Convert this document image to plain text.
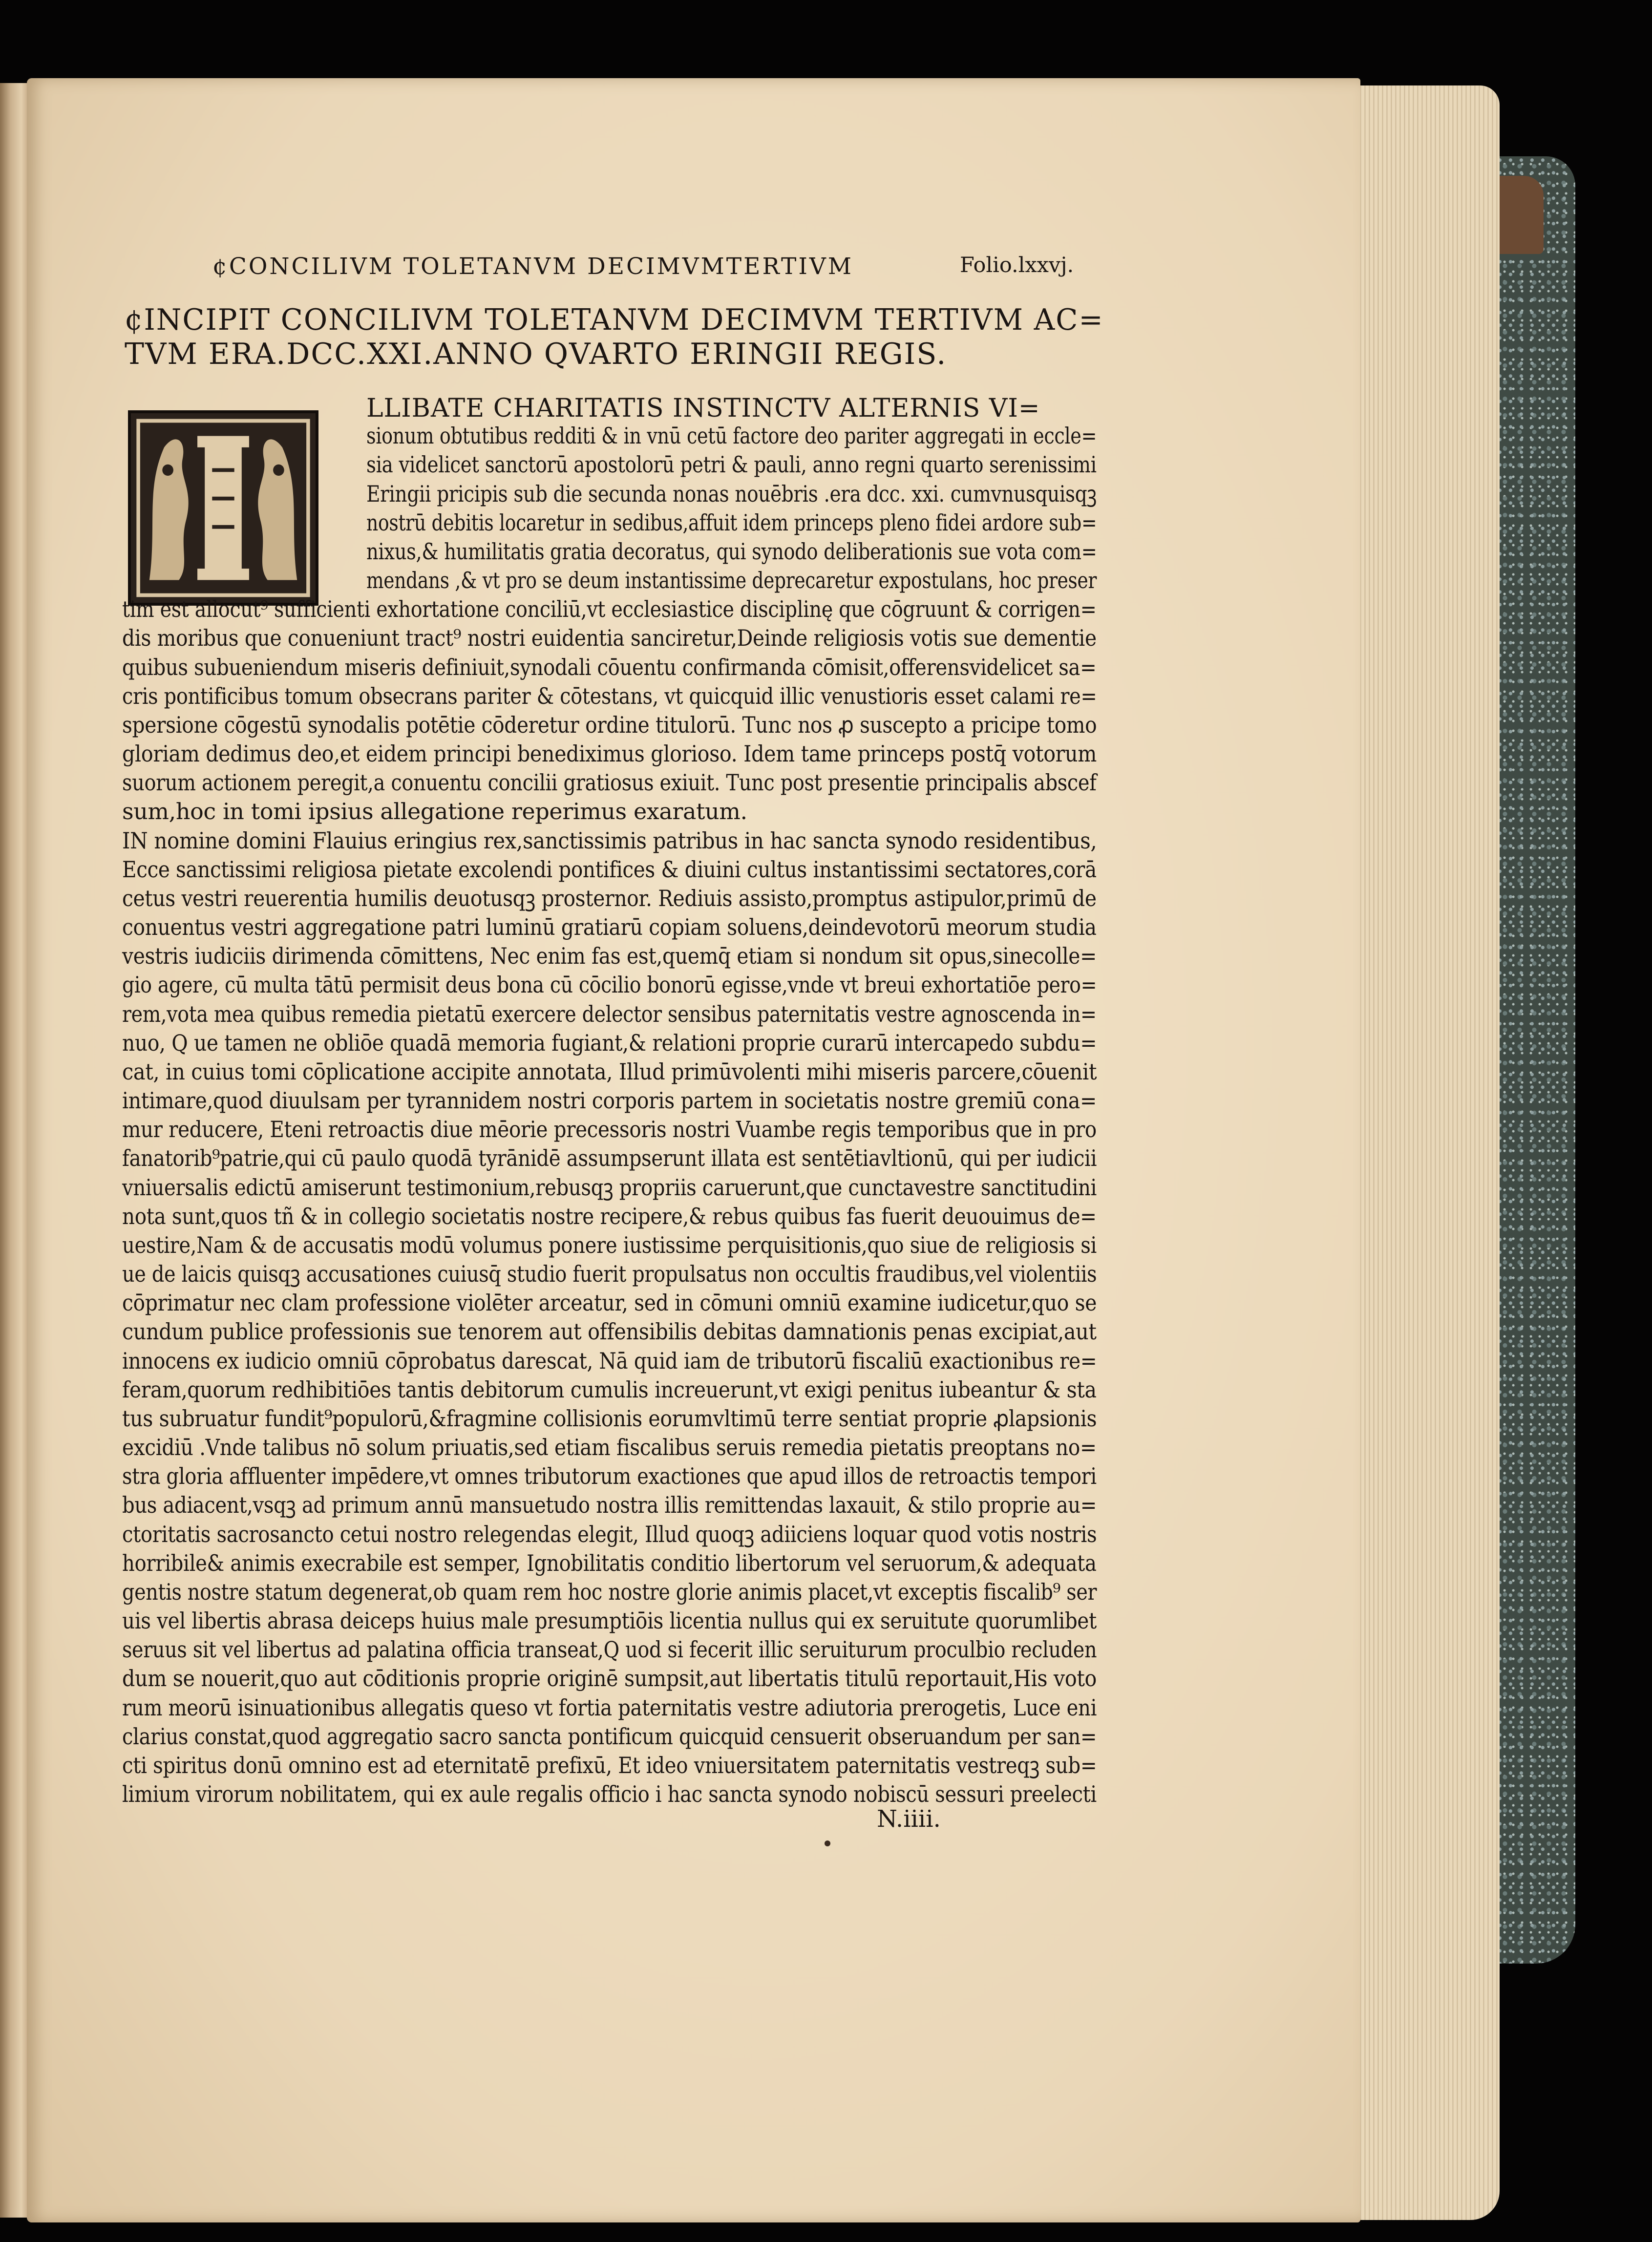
¢CONCILIVM TOLETANVM DECIMVMTERTIVM	Folio.lxxvj.
¢INCIPIT CONCILIVM TOLETANVM DECIMVM TERTIVM AC=
TVM ERA.DCC.XXI.ANNO QVARTO ERINGII REGIS.
LLIBATE CHARITATIS INSTINCTV ALTERNIS VI=
sionum obtutibus redditi & in vnū cetū factore deo pariter aggregati in eccle=
sia videlicet sanctorū apostolorū petri & pauli, anno regni quarto serenissimi
Eringii pricipis sub die secunda nonas nouēbris .era dcc. xxi. cumvnusquisqꝫ
nostrū debitis locaretur in sedibus,affuit idem princeps pleno fidei ardore sub=
nixus,& humilitatis gratia decoratus, qui synodo deliberationis sue vota com=
mendans ,& vt pro se deum instantissime deprecaretur expostulans, hoc preser
tim est allocut⁹ sufficienti exhortatione conciliū,vt ecclesiastice disciplinę que cōgruunt & corrigen=
dis moribus que conueniunt tract⁹ nostri euidentia sanciretur,Deinde religiosis votis sue dementie
quibus subueniendum miseris definiuit,synodali cōuentu confirmanda cōmisit,offerensvidelicet sa=
cris pontificibus tomum obsecrans pariter & cōtestans, vt quicquid illic venustioris esset calami re=
spersione cōgestū synodalis potētie cōderetur ordine titulorū. Tunc nos ꝓ suscepto a pricipe tomo
gloriam dedimus deo,et eidem principi benediximus glorioso. Idem tame princeps postq̄ votorum
suorum actionem peregit,a conuentu concilii gratiosus exiuit. Tunc post presentie principalis abscef
sum,hoc in tomi ipsius allegatione reperimus exaratum.
IN nomine domini Flauius eringius rex,sanctissimis patribus in hac sancta synodo residentibus,
Ecce sanctissimi religiosa pietate excolendi pontifices & diuini cultus instantissimi sectatores,corā
cetus vestri reuerentia humilis deuotusqꝫ prosternor. Rediuis assisto,promptus astipulor,primū de
conuentus vestri aggregatione patri luminū gratiarū copiam soluens,deindevotorū meorum studia
vestris iudiciis dirimenda cōmittens, Nec enim fas est,quemq̄ etiam si nondum sit opus,sinecolle=
gio agere, cū multa tātū permisit deus bona cū cōcilio bonorū egisse,vnde vt breui exhortatiōe pero=
rem,vota mea quibus remedia pietatū exercere delector sensibus paternitatis vestre agnoscenda in=
nuo, Q ue tamen ne obliōe quadā memoria fugiant,& relationi proprie curarū intercapedo subdu=
cat, in cuius tomi cōplicatione accipite annotata, Illud primūvolenti mihi miseris parcere,cōuenit
intimare,quod diuulsam per tyrannidem nostri corporis partem in societatis nostre gremiū cona=
mur reducere, Eteni retroactis diue mēorie precessoris nostri Vuambe regis temporibus que in pro
fanatorib⁹patrie,qui cū paulo quodā tyrānidē assumpserunt illata est sentētiavltionū, qui per iudicii
vniuersalis edictū amiserunt testimonium,rebusqꝫ propriis caruerunt,que cunctavestre sanctitudini
nota sunt,quos tñ & in collegio societatis nostre recipere,& rebus quibus fas fuerit deuouimus de=
uestire,Nam & de accusatis modū volumus ponere iustissime perquisitionis,quo siue de religiosis si
ue de laicis quisqꝫ accusationes cuiusq̄ studio fuerit propulsatus non occultis fraudibus,vel violentiis
cōprimatur nec clam professione violēter arceatur, sed in cōmuni omniū examine iudicetur,quo se
cundum publice professionis sue tenorem aut offensibilis debitas damnationis penas excipiat,aut
innocens ex iudicio omniū cōprobatus darescat, Nā quid iam de tributorū fiscaliū exactionibus re=
feram,quorum redhibitiōes tantis debitorum cumulis increuerunt,vt exigi penitus iubeantur & sta
tus subruatur fundit⁹populorū,&fragmine collisionis eorumvltimū terre sentiat proprie ꝓlapsionis
excidiū .Vnde talibus nō solum priuatis,sed etiam fiscalibus seruis remedia pietatis preoptans no=
stra gloria affluenter impēdere,vt omnes tributorum exactiones que apud illos de retroactis tempori
bus adiacent,vsqꝫ ad primum annū mansuetudo nostra illis remittendas laxauit, & stilo proprie au=
ctoritatis sacrosancto cetui nostro relegendas elegit, Illud quoqꝫ adiiciens loquar quod votis nostris
horribile& animis execrabile est semper, Ignobilitatis conditio libertorum vel seruorum,& adequata
gentis nostre statum degenerat,ob quam rem hoc nostre glorie animis placet,vt exceptis fiscalib⁹ ser
uis vel libertis abrasa deiceps huius male presumptiōis licentia nullus qui ex seruitute quorumlibet
seruus sit vel libertus ad palatina officia transeat,Q uod si fecerit illic seruiturum proculbio recluden
dum se nouerit,quo aut cōditionis proprie originē sumpsit,aut libertatis titulū reportauit,His voto
rum meorū isinuationibus allegatis queso vt fortia paternitatis vestre adiutoria prerogetis, Luce eni
clarius constat,quod aggregatio sacro sancta pontificum quicquid censuerit obseruandum per san=
cti spiritus donū omnino est ad eternitatē prefixū, Et ideo vniuersitatem paternitatis vestreqꝫ sub=
limium virorum nobilitatem, qui ex aule regalis officio i hac sancta synodo nobiscū sessuri preelecti
N.iiii.
